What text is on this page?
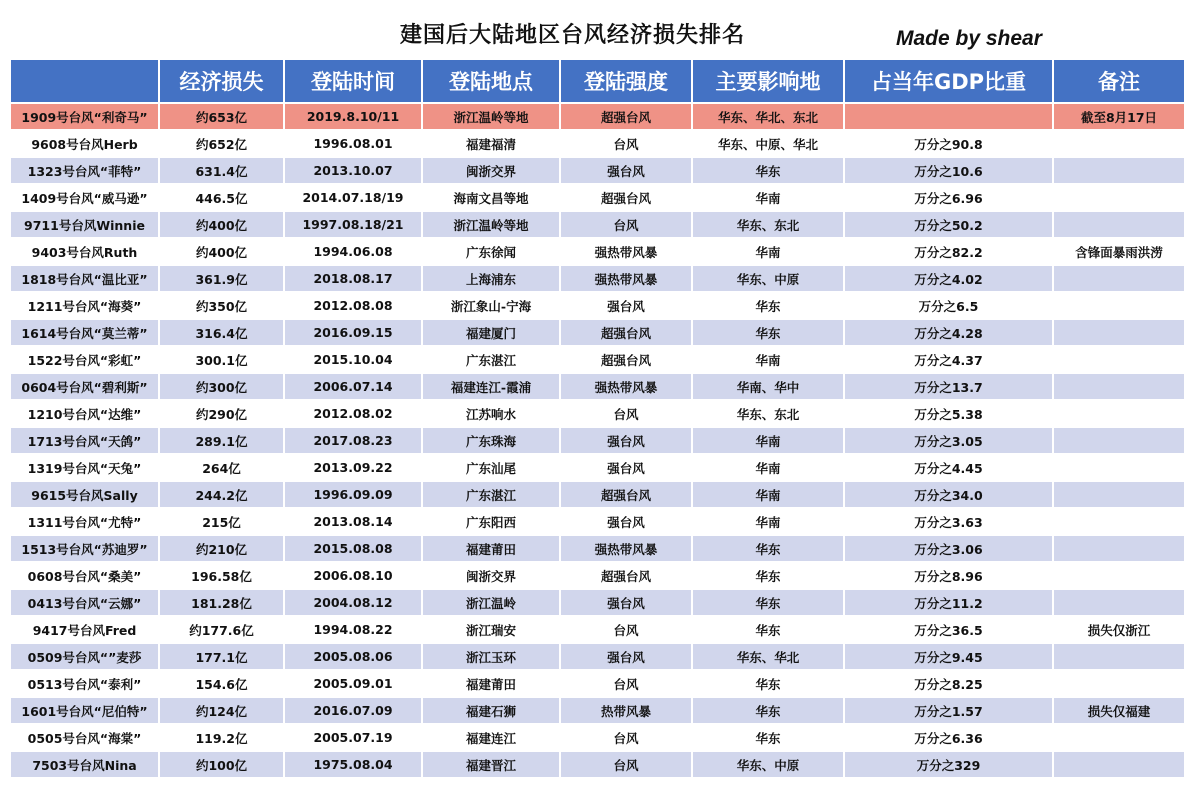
建国后大陆地区台风经济损失排名	Made by shear
	经济损失	登陆时间	登陆地点	登陆强度	主要影响地	占当年GDP比重	备注
1909号台风“利奇马”	约653亿	2019.8.10/11	浙江温岭等地	超强台风	华东、华北、东北		截至8月17日
9608号台风Herb	约652亿	1996.08.01	福建福清	台风	华东、中原、华北	万分之90.8	
1323号台风“菲特”	631.4亿	2013.10.07	闽浙交界	强台风	华东	万分之10.6	
1409号台风“威马逊”	446.5亿	2014.07.18/19	海南文昌等地	超强台风	华南	万分之6.96	
9711号台风Winnie	约400亿	1997.08.18/21	浙江温岭等地	台风	华东、东北	万分之50.2	
9403号台风Ruth	约400亿	1994.06.08	广东徐闻	强热带风暴	华南	万分之82.2	含锋面暴雨洪涝
1818号台风“温比亚”	361.9亿	2018.08.17	上海浦东	强热带风暴	华东、中原	万分之4.02	
1211号台风“海葵”	约350亿	2012.08.08	浙江象山-宁海	强台风	华东	万分之6.5	
1614号台风“莫兰蒂”	316.4亿	2016.09.15	福建厦门	超强台风	华东	万分之4.28	
1522号台风“彩虹”	300.1亿	2015.10.04	广东湛江	超强台风	华南	万分之4.37	
0604号台风“碧利斯”	约300亿	2006.07.14	福建连江-霞浦	强热带风暴	华南、华中	万分之13.7	
1210号台风“达维”	约290亿	2012.08.02	江苏响水	台风	华东、东北	万分之5.38	
1713号台风“天鸽”	289.1亿	2017.08.23	广东珠海	强台风	华南	万分之3.05	
1319号台风“天兔”	264亿	2013.09.22	广东汕尾	强台风	华南	万分之4.45	
9615号台风Sally	244.2亿	1996.09.09	广东湛江	超强台风	华南	万分之34.0	
1311号台风“尤特”	215亿	2013.08.14	广东阳西	强台风	华南	万分之3.63	
1513号台风“苏迪罗”	约210亿	2015.08.08	福建莆田	强热带风暴	华东	万分之3.06	
0608号台风“桑美”	196.58亿	2006.08.10	闽浙交界	超强台风	华东	万分之8.96	
0413号台风“云娜”	181.28亿	2004.08.12	浙江温岭	强台风	华东	万分之11.2	
9417号台风Fred	约177.6亿	1994.08.22	浙江瑞安	台风	华东	万分之36.5	损失仅浙江
0509号台风“”麦莎	177.1亿	2005.08.06	浙江玉环	强台风	华东、华北	万分之9.45	
0513号台风“泰利”	154.6亿	2005.09.01	福建莆田	台风	华东	万分之8.25	
1601号台风“尼伯特”	约124亿	2016.07.09	福建石狮	热带风暴	华东	万分之1.57	损失仅福建
0505号台风“海棠”	119.2亿	2005.07.19	福建连江	台风	华东	万分之6.36	
7503号台风Nina	约100亿	1975.08.04	福建晋江	台风	华东、中原	万分之329	
